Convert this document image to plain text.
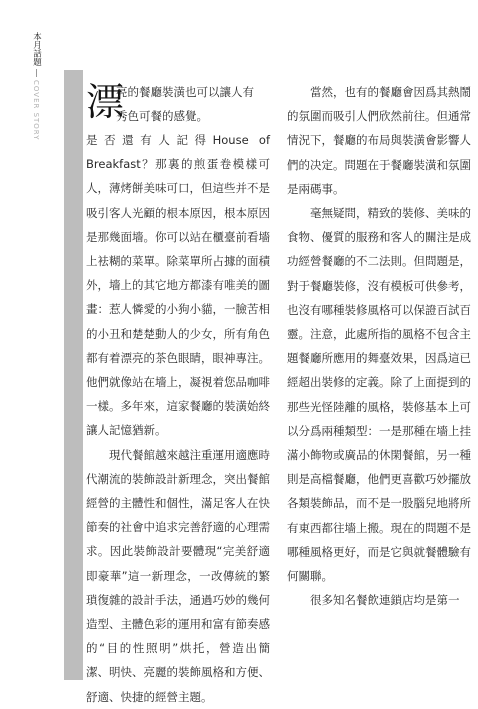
本月話題
COVER STORY 漂
亮的餐廳裝潢也可以讓人有
秀色可餐的感覺。

是否還有人記得House of Breakfast？那裏的煎蛋卷模樣可人，薄烤餅美味可口，但這些并不是吸引客人光顧的根本原因，根本原因是那幾面墻。你可以站在櫃臺前看墻上袪糊的菜單。除菜單所占據的面積外，墻上的其它地方都漆有唯美的圖畫：惹人憐愛的小狗小貓，一臉苦相的小丑和楚楚動人的少女，所有角色都有着漂亮的茶色眼睛，眼神專注。他們就像站在墻上，凝視着您品咖啡一樣。多年來，這家餐廳的裝潢始終讓人記憶猶新。

現代餐館越來越注重運用適應時代潮流的裝飾設計新理念，突出餐館經營的主體性和個性，滿足客人在快節奏的社會中追求完善舒適的心理需求。因此裝飾設計要體現“完美舒適即豪華”這一新理念，一改傳統的繁瑣復雜的設計手法，通過巧妙的幾何造型、主體色彩的運用和富有節奏感的“目的性照明”烘托，營造出簡潔、明快、亮麗的裝飾風格和方便、舒適、快捷的經營主題。

當然，也有的餐廳會因爲其熱鬧的氛圍而吸引人們欣然前往。但通常情況下，餐廳的布局與裝潢會影響人們的决定。問題在于餐廳裝潢和氛圍是兩碼事。

毫無疑問，精致的裝修、美味的食物、優質的服務和客人的關注是成功經營餐廳的不二法則。但問題是，對于餐廳裝修，沒有模板可供參考，也沒有哪種裝修風格可以保證百試百靈。注意，此處所指的風格不包含主題餐廳所應用的舞臺效果，因爲這已經超出裝修的定義。除了上面提到的那些光怪陸離的風格，裝修基本上可以分爲兩種類型：一是那種在墻上挂滿小飾物或廣品的休閑餐館，另一種則是高檔餐廳，他們更喜歡巧妙擺放各類裝飾品，而不是一股腦兒地將所有東西都往墻上搬。現在的問題不是哪種風格更好，而是它與就餐體驗有何關聯。

很多知名餐飲連鎖店均是第一
